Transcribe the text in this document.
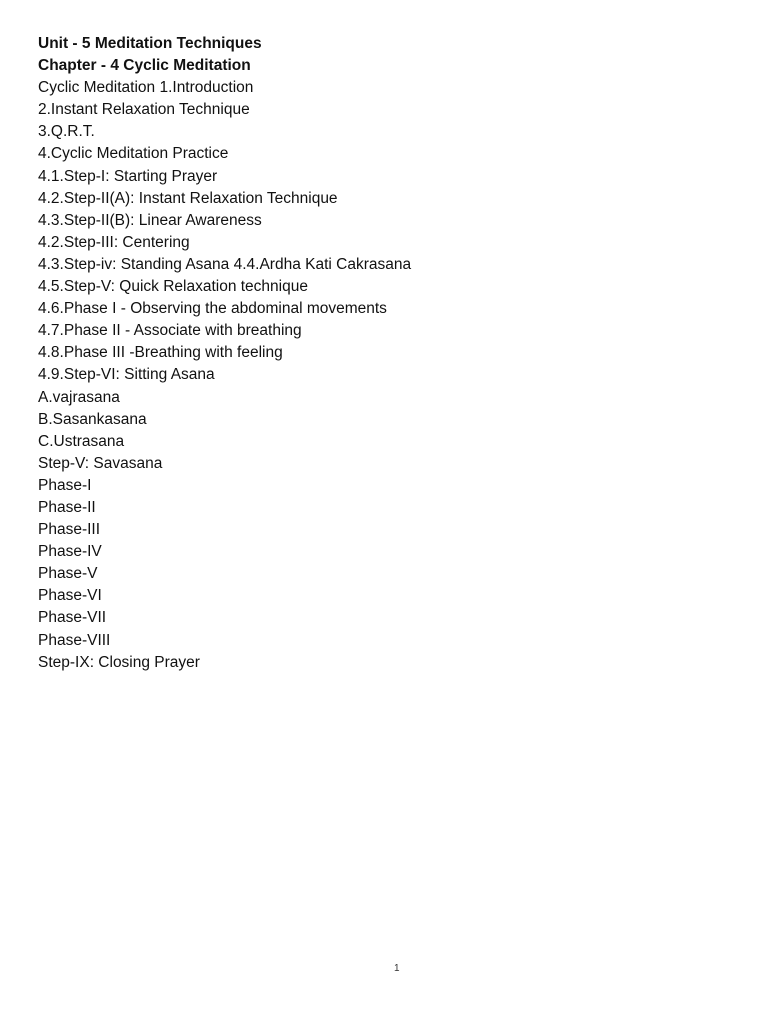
Unit - 5 Meditation Techniques
Chapter - 4 Cyclic Meditation
Cyclic Meditation 1.Introduction
2.Instant Relaxation Technique
3.Q.R.T.
4.Cyclic Meditation Practice
4.1.Step-I: Starting Prayer
4.2.Step-II(A): Instant Relaxation Technique
4.3.Step-II(B): Linear Awareness
4.2.Step-III: Centering
4.3.Step-iv: Standing Asana 4.4.Ardha Kati Cakrasana
4.5.Step-V: Quick Relaxation technique
4.6.Phase I - Observing the abdominal movements
4.7.Phase II - Associate with breathing
4.8.Phase III -Breathing with feeling
4.9.Step-VI: Sitting Asana
A.vajrasana
B.Sasankasana
C.Ustrasana
Step-V: Savasana
Phase-I
Phase-II
Phase-III
Phase-IV
Phase-V
Phase-VI
Phase-VII
Phase-VIII
Step-IX: Closing Prayer
1
